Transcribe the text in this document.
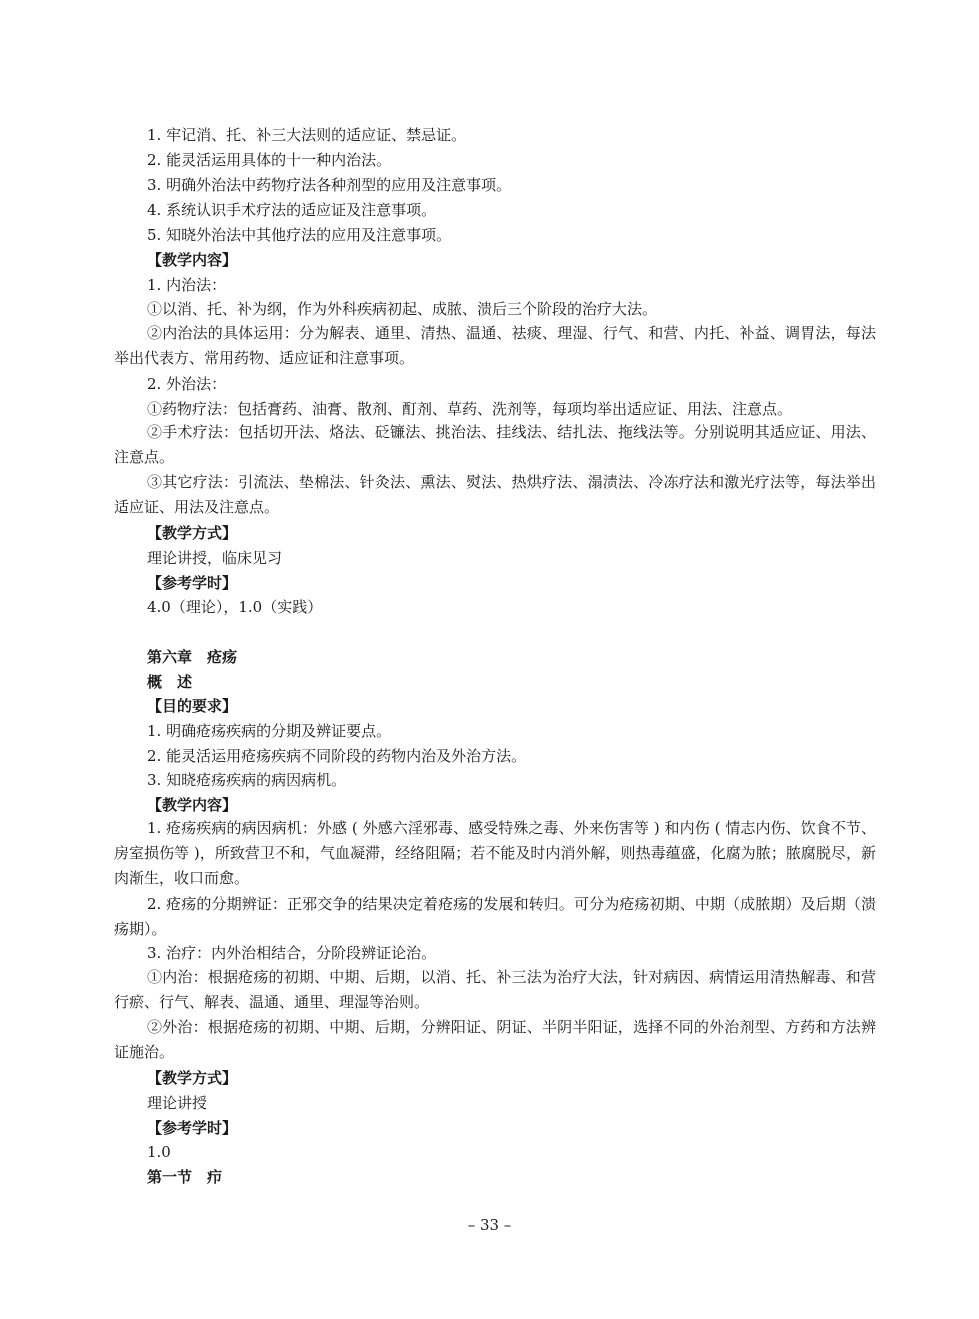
1. 牢记消、托、补三大法则的适应证、禁忌证。
2. 能灵活运用具体的十一种内治法。
3. 明确外治法中药物疗法各种剂型的应用及注意事项。
4. 系统认识手术疗法的适应证及注意事项。
5. 知晓外治法中其他疗法的应用及注意事项。
【教学内容】
1. 内治法：
①以消、托、补为纲，作为外科疾病初起、成脓、溃后三个阶段的治疗大法。
②内治法的具体运用：分为解表、通里、清热、温通、祛痰、理湿、行气、和营、内托、补益、调胃法，每法举出代表方、常用药物、适应证和注意事项。
2. 外治法：
①药物疗法：包括膏药、油膏、散剂、酊剂、草药、洗剂等，每项均举出适应证、用法、注意点。
②手术疗法：包括切开法、烙法、砭镰法、挑治法、挂线法、结扎法、拖线法等。分别说明其适应证、用法、注意点。
③其它疗法：引流法、垫棉法、针灸法、熏法、熨法、热烘疗法、溻渍法、冷冻疗法和激光疗法等，每法举出适应证、用法及注意点。
【教学方式】
理论讲授，临床见习
【参考学时】
4.0（理论），1.0（实践）
第六章　疮疡
概　述
【目的要求】
1. 明确疮疡疾病的分期及辨证要点。
2. 能灵活运用疮疡疾病不同阶段的药物内治及外治方法。
3. 知晓疮疡疾病的病因病机。
【教学内容】
1. 疮疡疾病的病因病机：外感 ( 外感六淫邪毒、感受特殊之毒、外来伤害等 ) 和内伤 ( 情志内伤、饮食不节、房室损伤等 )，所致营卫不和，气血凝滞，经络阻隔；若不能及时内消外解，则热毒蕴盛，化腐为脓；脓腐脱尽，新肉渐生，收口而愈。
2. 疮疡的分期辨证：正邪交争的结果决定着疮疡的发展和转归。可分为疮疡初期、中期（成脓期）及后期（溃疡期）。
3. 治疗：内外治相结合，分阶段辨证论治。
①内治：根据疮疡的初期、中期、后期，以消、托、补三法为治疗大法，针对病因、病情运用清热解毒、和营行瘀、行气、解表、温通、通里、理湿等治则。
②外治：根据疮疡的初期、中期、后期，分辨阳证、阴证、半阴半阳证，选择不同的外治剂型、方药和方法辨证施治。
【教学方式】
理论讲授
【参考学时】
1.0
第一节　疖
– 33 –
